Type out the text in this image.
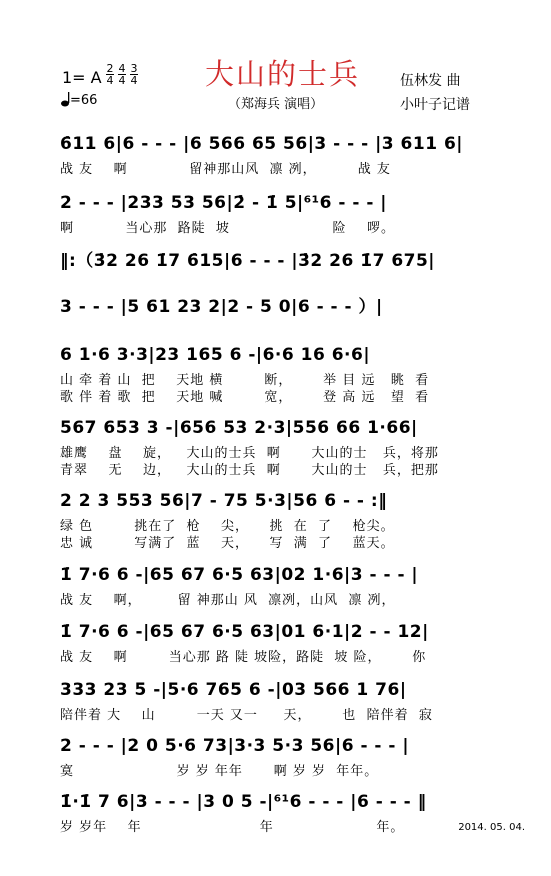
1= A $\frac{2}{4} \frac{4}{4} \frac{3}{4}$
=66
大山的士兵
（郑海兵 演唱）
伍林发 曲
小叶子记谱
6̇11 6|6 - - - |6 566 65 56|3 - - - |3 611 6|
战 友    啊            留神那山风  凛 冽，        战 友
2 - - - |233 53 56|2̇ - 1̇ 5|⁶¹6 - - - |
啊          当心那  路陡  坡                    险    啰。
‖:（3̇2 26 1̇7 6̇15|6 - - - |3̇2 26 1̇7 675|
3 - - - |5 61 23 2|2 - 5 0|6 - - - ）|
6 1·6 3·3|23 165 6 -|6·6 16 6·6|
山 牵 着 山  把    天地 横        断，      举 目 远   眺  看
歌 伴 着 歌  把    天地 喊        宽，      登 高 远   望  看
567 653 3 -|656 53 2·3|556 66 1·66|
雄鹰    盘    旋，   大山的士兵  啊      大山的士   兵，将那
青翠    无    边，   大山的士兵  啊      大山的士   兵，把那
2 2 3 553 56|7 - 75 5·3|56 6 - - :‖
绿 色        挑在了  枪    尖，    挑  在  了    枪尖。
忠 诚        写满了  蓝    天，    写  满  了    蓝天。
1̇ 7·6 6 -|65 67 6·5 63|02 1·6|3 - - - |
战 友    啊，       留 神那山 风  凛冽，山风  凛 冽，
1̇ 7·6 6 -|65 67 6·5 63|01 6·1|2 - - 12|
战 友    啊        当心那 路 陡 坡险，路陡  坡 险，      你
333 23 5 -|5·6 765 6 -|03 566 1 76|
陪伴着 大    山        一天 又一     天，      也  陪伴着  寂
2 - - - |2 0 5·6 73|3·3 5·3 56|6 - - - |
寞                    岁 岁 年年      啊 岁 岁  年年。
1̇·1̇ 7 6|3 - - - |3 0 5 -|⁶¹6 - - - |6 - - - ‖
岁 岁年    年                       年                    年。	2014. 05. 04.
